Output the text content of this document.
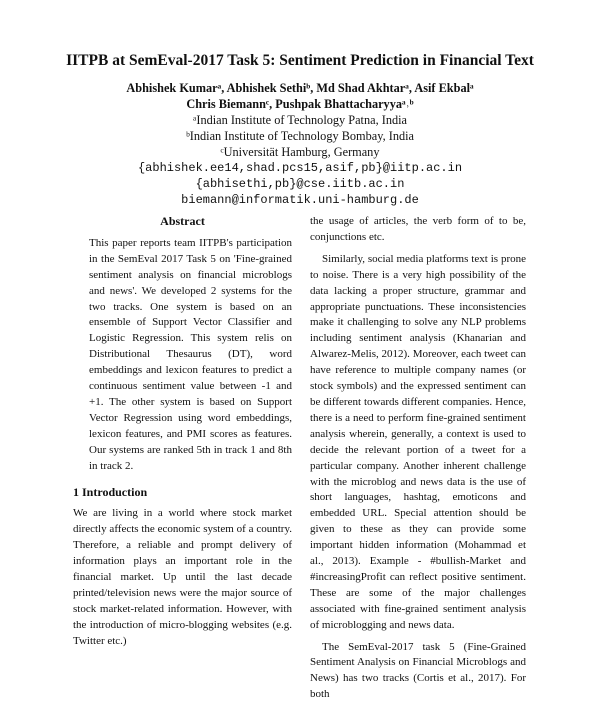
IITPB at SemEval-2017 Task 5: Sentiment Prediction in Financial Text
Abhishek Kumarᵃ, Abhishek Sethiᵇ, Md Shad Akhtarᵃ, Asif Ekbalᵃ
Chris Biemannᶜ, Pushpak Bhattacharyyaᵃ˒ᵇ
ᵃIndian Institute of Technology Patna, India
ᵇIndian Institute of Technology Bombay, India
ᶜUniversität Hamburg, Germany
{abhishek.ee14,shad.pcs15,asif,pb}@iitp.ac.in
{abhisethi,pb}@cse.iitb.ac.in
biemann@informatik.uni-hamburg.de
Abstract

This paper reports team IITPB's participation in the SemEval 2017 Task 5 on 'Fine-grained sentiment analysis on financial microblogs and news'. We developed 2 systems for the two tracks. One system is based on an ensemble of Support Vector Classifier and Logistic Regression. This system relis on Distributional Thesaurus (DT), word embeddings and lexicon features to predict a continuous sentiment value between -1 and +1. The other system is based on Support Vector Regression using word embeddings, lexicon features, and PMI scores as features. Our systems are ranked 5th in track 1 and 8th in track 2.

1 Introduction

We are living in a world where stock market directly affects the economic system of a country. Therefore, a reliable and prompt delivery of information plays an important role in the financial market. Up until the last decade printed/television news were the major source of stock market-related information. However, with the introduction of micro-blogging websites (e.g. Twitter etc.)

the usage of articles, the verb form of to be, conjunctions etc.

Similarly, social media platforms text is prone to noise. There is a very high possibility of the data lacking a proper structure, grammar and appropriate punctuations. These inconsistencies make it challenging to solve any NLP problems including sentiment analysis (Khanarian and Alwarez-Melis, 2012). Moreover, each tweet can have reference to multiple company names (or stock symbols) and the expressed sentiment can be different towards different companies. Hence, there is a need to perform fine-grained sentiment analysis wherein, generally, a context is used to decide the relevant portion of a tweet for a particular company. Another inherent challenge with the microblog and news data is the use of short languages, hashtag, emoticons and embedded URL. Special attention should be given to these as they can provide some important hidden information (Mohammad et al., 2013). Example - #bullish-Market and #increasingProfit can reflect positive sentiment. These are some of the major challenges associated with fine-grained sentiment analysis of microblogging and news data.

The SemEval-2017 task 5 (Fine-Grained Sentiment Analysis on Financial Microblogs and News) has two tracks (Cortis et al., 2017). For both
